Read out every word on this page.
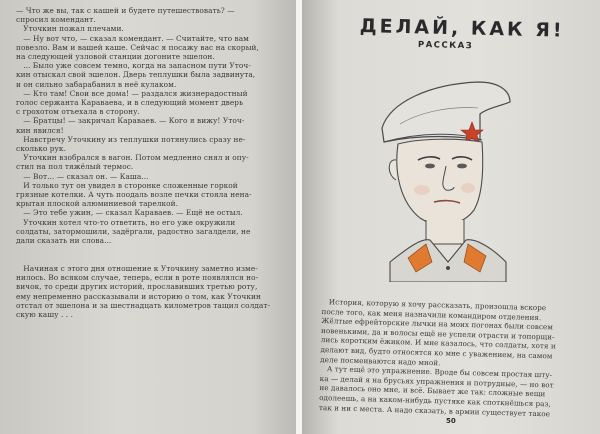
— Что же вы, так с кашей и будете путешествовать? —
спросил комендант.
Уточкин пожал плечами.
— Ну вот что, — сказал комендант. — Считайте, что вам
повезло. Вам и вашей каше. Сейчас я посажу вас на скорый,
на следующей узловой станции догоните эшелон.
... Было уже совсем темно, когда на запасном пути Уточ-
кин отыскал свой эшелон. Дверь теплушки была задвинута,
и он сильно забарабанил в неё кулаком.
— Кто там! Свои все дома! — раздался жизнерадостный
голос сержанта Караваева, и в следующий момент дверь
с грохотом отъехала в сторону.
— Братцы! — закричал Караваев. — Кого я вижу! Уточ-
кин явился!
Навстречу Уточкину из теплушки потянулись сразу не-
сколько рук.
Уточкин взобрался в вагон. Потом медленно снял и опу-
стил на пол тяжёлый термос.
— Вот... — сказал он. — Каша...
И только тут он увидел в сторонке сложенные горкой
грязные котелки. А чуть поодаль возле печки стояла нена-
крытая плоской алюминиевой тарелкой.
— Это тебе ужин, — сказал Караваев. — Ещё не остыл.
Уточкин хотел что-то ответить, но его уже окружили
солдаты, затормошили, задёргали, радостно загалдели, не
дали сказать ни слова...

Начиная с этого дня отношение к Уточкину заметно изме-
нилось. Во всяком случае, теперь, если в роте появлялся но-
вичок, то среди других историй, прославивших третью роту,
ему непременно рассказывали и историю о том, как Уточкин
отстал от эшелона и за шестнадцать километров тащил солдат-
скую кашу . . .

ДЕЛАЙ, КАК Я!

РАССКАЗ

История, которую я хочу рассказать, произошла вскоре
после того, как меня назначили командиром отделения.
Жёлтые ефрейторские лычки на моих погонах были совсем
новенькими, да и волосы ещё не успели отрасти и топорщи-
лись коротким ёжиком. И мне казалось, что солдаты, хотя и
делают вид, будто относятся ко мне с уважением, на самом
деле посмеиваются надо мной.
А тут ещё это упражнение. Вроде бы совсем простая шту-
ка — делай я на брусьях упражнения и потрудные, — но вот
не давалось оно мне, и всё. Бывает же так: сложные вещи
одолеешь, а на каком-нибудь пустяке как споткнёшься раз,
так и ни с места. А надо сказать, в армии существует такое

50
